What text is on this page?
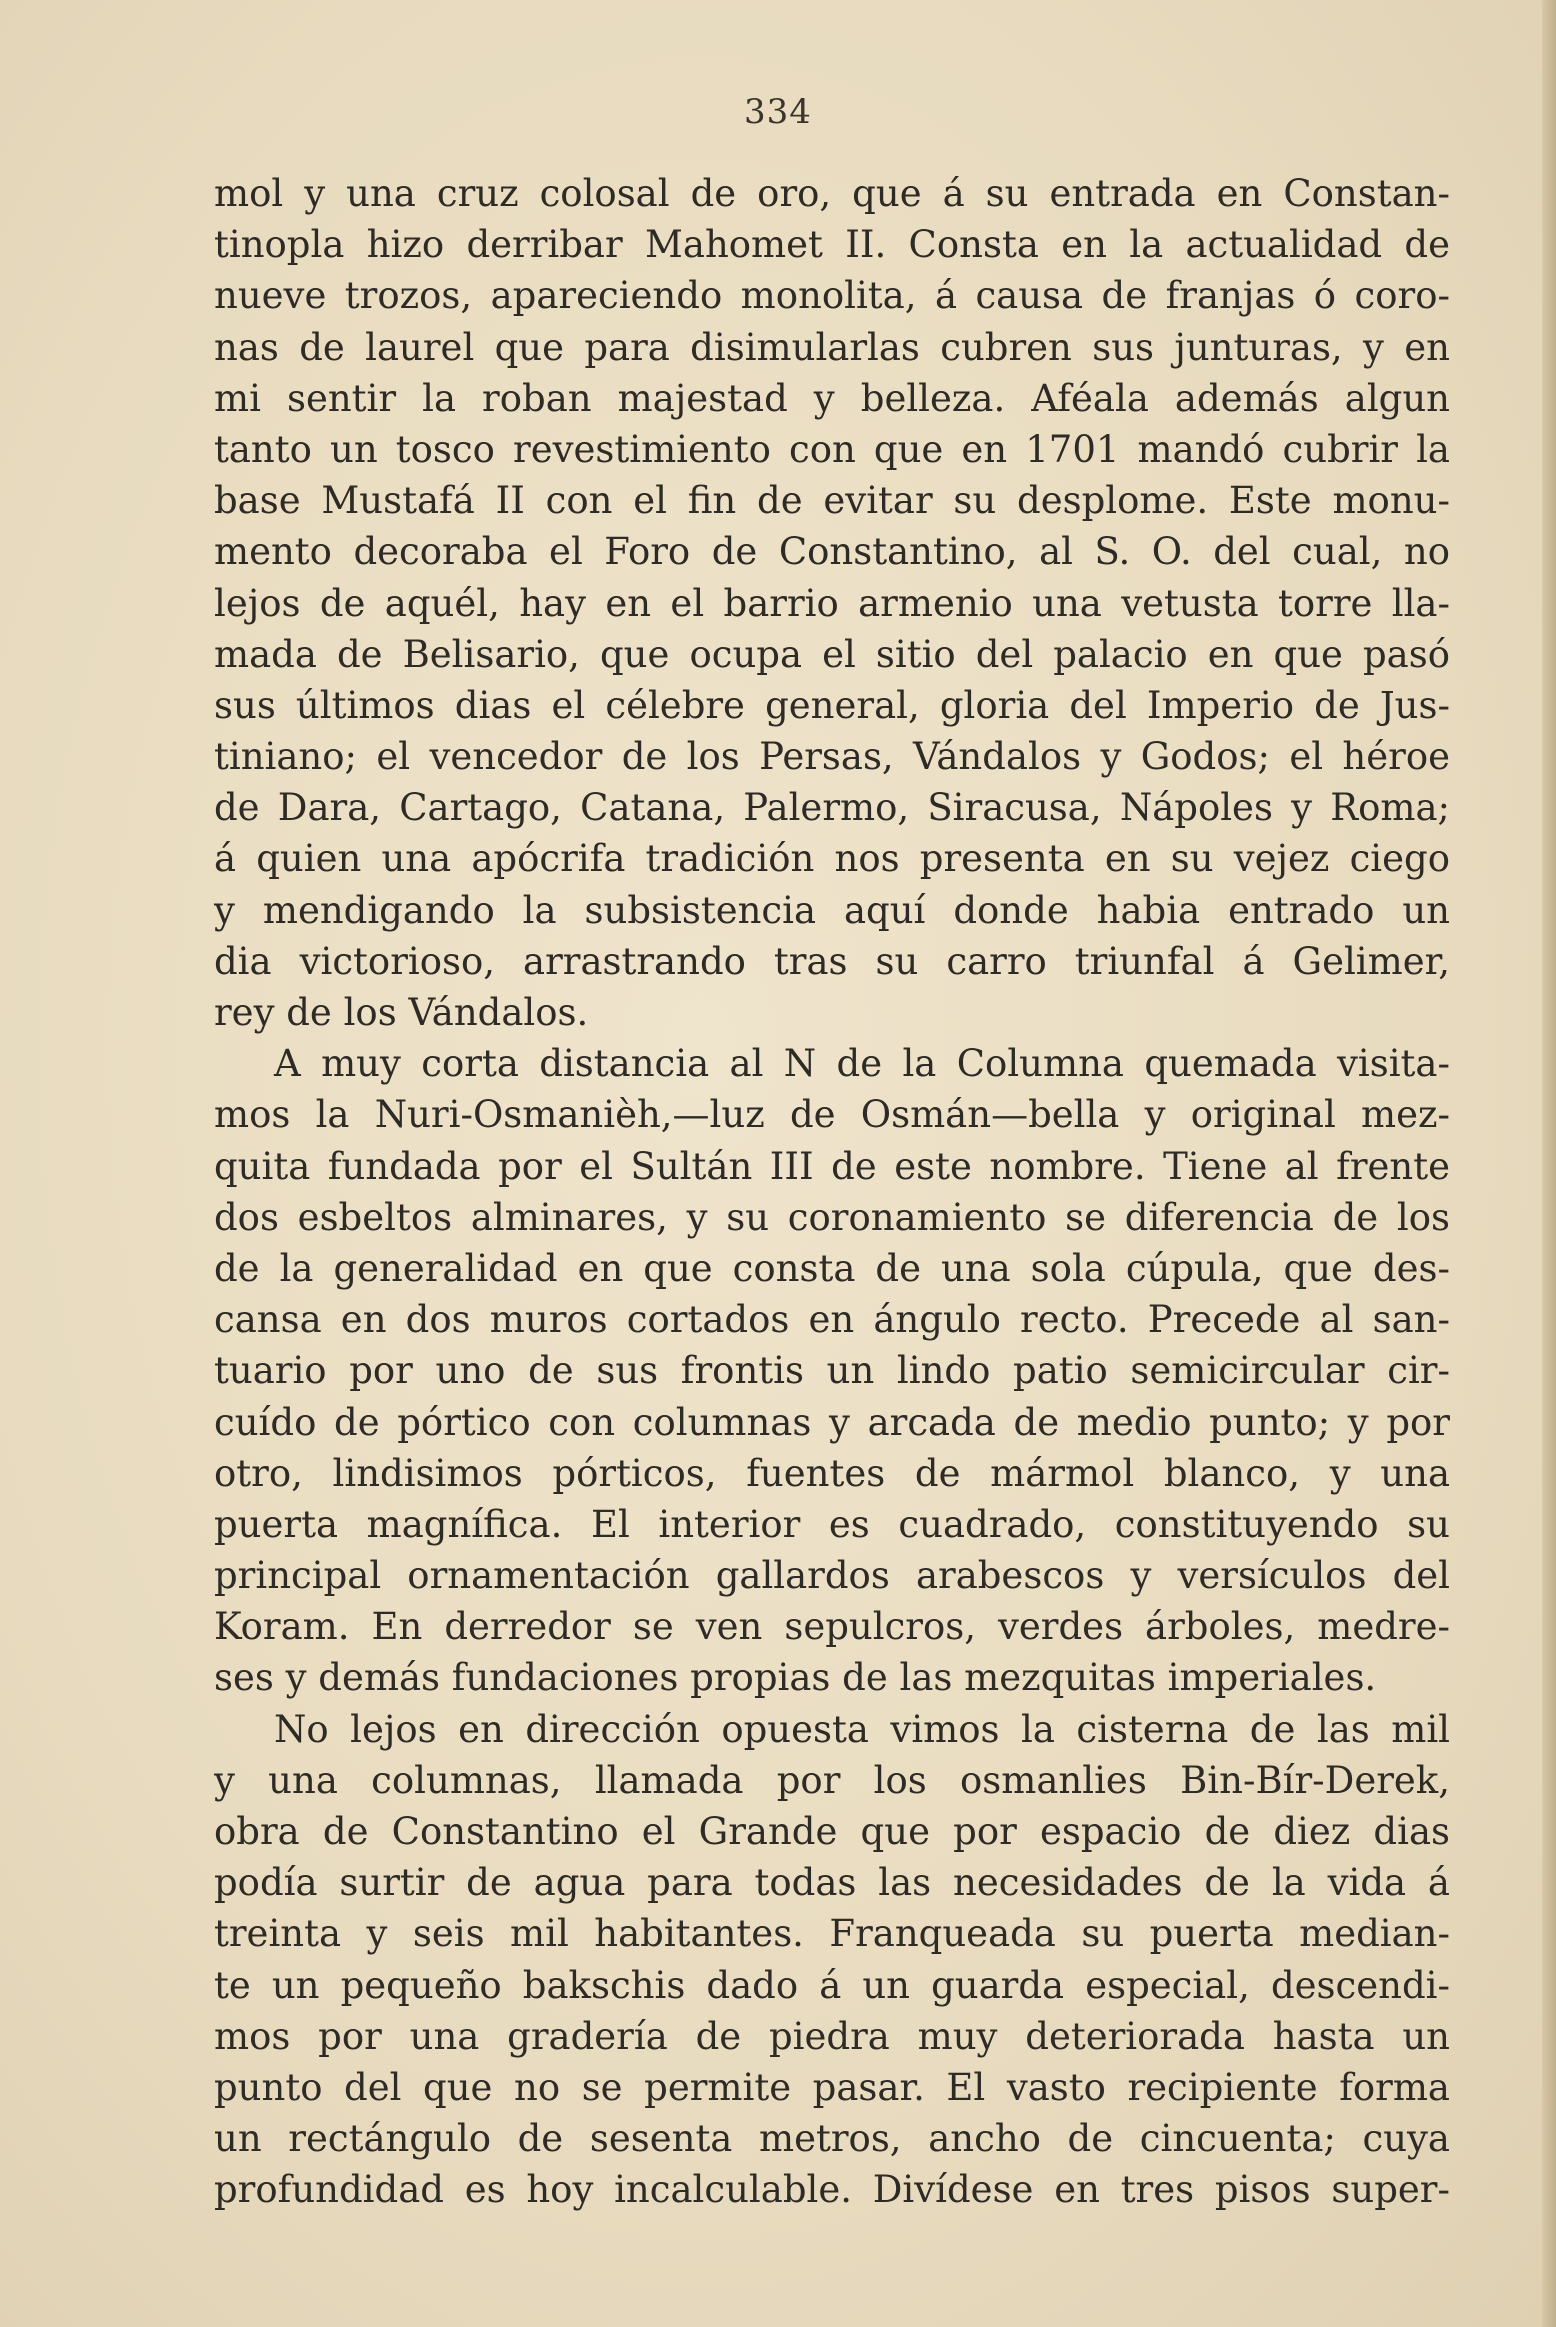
334
mol y una cruz colosal de oro, que á su entrada en Constan-
tinopla hizo derribar Mahomet II. Consta en la actualidad de
nueve trozos, apareciendo monolita, á causa de franjas ó coro-
nas de laurel que para disimularlas cubren sus junturas, y en
mi sentir la roban majestad y belleza. Aféala además algun
tanto un tosco revestimiento con que en 1701 mandó cubrir la
base Mustafá II con el fin de evitar su desplome. Este monu-
mento decoraba el Foro de Constantino, al S. O. del cual, no
lejos de aquél, hay en el barrio armenio una vetusta torre lla-
mada de Belisario, que ocupa el sitio del palacio en que pasó
sus últimos dias el célebre general, gloria del Imperio de Jus-
tiniano; el vencedor de los Persas, Vándalos y Godos; el héroe
de Dara, Cartago, Catana, Palermo, Siracusa, Nápoles y Roma;
á quien una apócrifa tradición nos presenta en su vejez ciego
y mendigando la subsistencia aquí donde habia entrado un
dia victorioso, arrastrando tras su carro triunfal á Gelimer,
rey de los Vándalos.
A muy corta distancia al N de la Columna quemada visita-
mos la Nuri-Osmanièh,—luz de Osmán—bella y original mez-
quita fundada por el Sultán III de este nombre. Tiene al frente
dos esbeltos alminares, y su coronamiento se diferencia de los
de la generalidad en que consta de una sola cúpula, que des-
cansa en dos muros cortados en ángulo recto. Precede al san-
tuario por uno de sus frontis un lindo patio semicircular cir-
cuído de pórtico con columnas y arcada de medio punto; y por
otro, lindisimos pórticos, fuentes de mármol blanco, y una
puerta magnífica. El interior es cuadrado, constituyendo su
principal ornamentación gallardos arabescos y versículos del
Koram. En derredor se ven sepulcros, verdes árboles, medre-
ses y demás fundaciones propias de las mezquitas imperiales.
No lejos en dirección opuesta vimos la cisterna de las mil
y una columnas, llamada por los osmanlies Bin-Bír-Derek,
obra de Constantino el Grande que por espacio de diez dias
podía surtir de agua para todas las necesidades de la vida á
treinta y seis mil habitantes. Franqueada su puerta median-
te un pequeño bakschis dado á un guarda especial, descendi-
mos por una gradería de piedra muy deteriorada hasta un
punto del que no se permite pasar. El vasto recipiente forma
un rectángulo de sesenta metros, ancho de cincuenta; cuya
profundidad es hoy incalculable. Divídese en tres pisos super-
